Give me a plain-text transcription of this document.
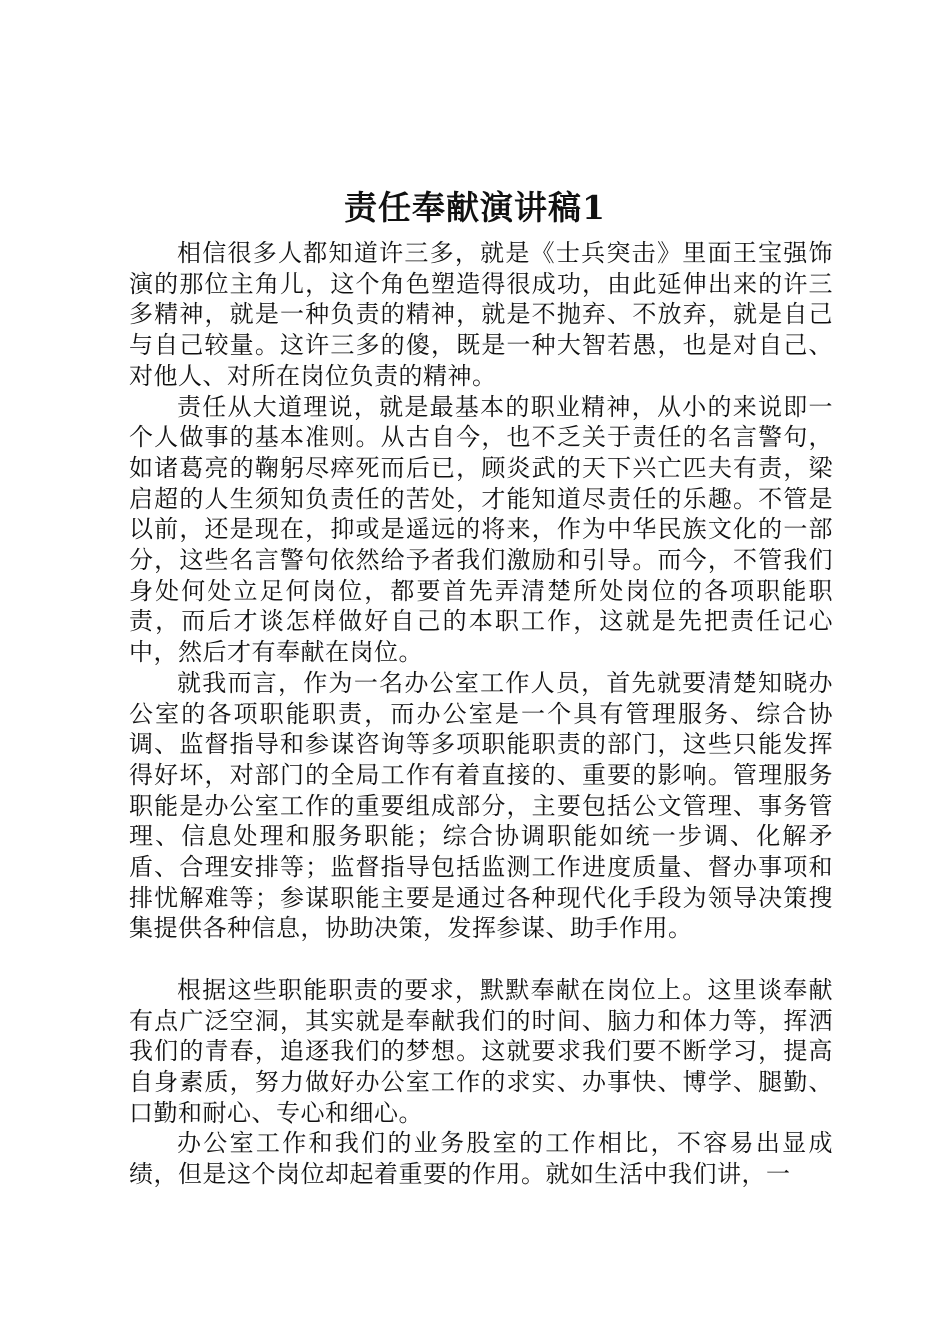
责任奉献演讲稿1

相信很多人都知道许三多，就是《士兵突击》里面王宝强饰演的那位主角儿，这个角色塑造得很成功，由此延伸出来的许三多精神，就是一种负责的精神，就是不抛弃、不放弃，就是自己与自己较量。这许三多的傻，既是一种大智若愚，也是对自己、对他人、对所在岗位负责的精神。

责任从大道理说，就是最基本的职业精神，从小的来说即一个人做事的基本准则。从古自今，也不乏关于责任的名言警句，如诸葛亮的鞠躬尽瘁死而后已，顾炎武的天下兴亡匹夫有责，梁启超的人生须知负责任的苦处，才能知道尽责任的乐趣。不管是以前，还是现在，抑或是遥远的将来，作为中华民族文化的一部分，这些名言警句依然给予者我们激励和引导。而今，不管我们身处何处立足何岗位，都要首先弄清楚所处岗位的各项职能职责，而后才谈怎样做好自己的本职工作，这就是先把责任记心中，然后才有奉献在岗位。

就我而言，作为一名办公室工作人员，首先就要清楚知晓办公室的各项职能职责，而办公室是一个具有管理服务、综合协调、监督指导和参谋咨询等多项职能职责的部门，这些只能发挥得好坏，对部门的全局工作有着直接的、重要的影响。管理服务职能是办公室工作的重要组成部分，主要包括公文管理、事务管理、信息处理和服务职能；综合协调职能如统一步调、化解矛盾、合理安排等；监督指导包括监测工作进度质量、督办事项和排忧解难等；参谋职能主要是通过各种现代化手段为领导决策搜集提供各种信息，协助决策，发挥参谋、助手作用。

根据这些职能职责的要求，默默奉献在岗位上。这里谈奉献有点广泛空洞，其实就是奉献我们的时间、脑力和体力等，挥洒我们的青春，追逐我们的梦想。这就要求我们要不断学习，提高自身素质，努力做好办公室工作的求实、办事快、博学、腿勤、口勤和耐心、专心和细心。

办公室工作和我们的业务股室的工作相比，不容易出显成绩，但是这个岗位却起着重要的作用。就如生活中我们讲，一
